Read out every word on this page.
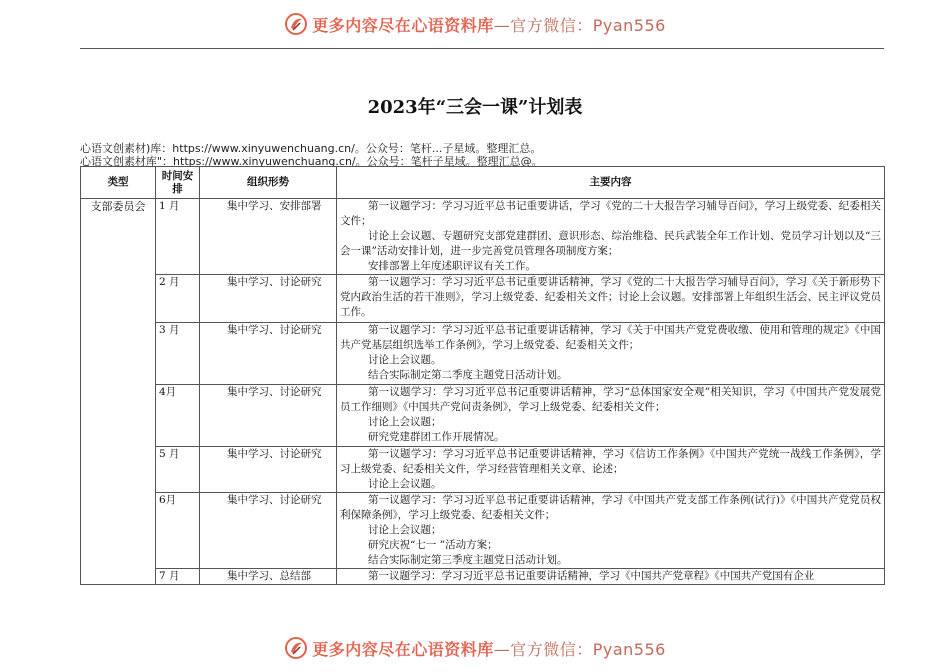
更多内容尽在心语资料库—官方微信：Pyan556
2023年“三会一课”计划表
心语文创素材)库：https://www.xinyuwenchuang.cn/。公众号：笔杆...子星域。整理汇总。
心语文创素材库"：https://www.xinyuwenchuang.cn/。公众号：笔杆子星域。整理汇总@。
类型	时间安排	组织形势	主要内容
支部委员会	1 月	集中学习、安排部署	第一议题学习：学习习近平总书记重要讲话，学习《党的二十大报告学习辅导百问》，学习上级党委、纪委相关文件；

讨论上会议题、专题研究支部党建群团、意识形态、综治维稳、民兵武装全年工作计划、党员学习计划以及“三会一课”活动安排计划，进一步完善党员管理各项制度方案；

安排部署上年度述职评议有关工作。

	2 月	集中学习、讨论研究	第一议题学习：学习习近平总书记重要讲话精神，学习《党的二十大报告学习辅导百问》，学习《关于新形势下党内政治生活的若干准则》，学习上级党委、纪委相关文件；讨论上会议题。安排部署上年组织生活会、民主评议党员工作。

	3 月	集中学习、讨论研究	第一议题学习：学习习近平总书记重要讲话精神，学习《关于中国共产党党费收缴、使用和管理的规定》《中国共产党基层组织选举工作条例》，学习上级党委、纪委相关文件；

讨论上会议题。

结合实际制定第二季度主题党日活动计划。

	4月	集中学习、讨论研究	第一议题学习：学习习近平总书记重要讲话精神，学习“总体国家安全观”相关知识，学习《中国共产党发展党员工作细则》《中国共产党问责条例》，学习上级党委、纪委相关文件；

讨论上会议题；

研究党建群团工作开展情况。

	5 月	集中学习、讨论研究	第一议题学习：学习习近平总书记重要讲话精神，学习《信访工作条例》《中国共产党统一战线工作条例》，学习上级党委、纪委相关文件，学习经营管理相关文章、论述；

讨论上会议题。

	6月	集中学习、讨论研究	第一议题学习：学习习近平总书记重要讲话精神，学习《中国共产党支部工作条例(试行)》《中国共产党党员权利保障条例》，学习上级党委、纪委相关文件；

讨论上会议题；

研究庆祝“七一 ”活动方案；

结合实际制定第三季度主题党日活动计划。

	7 月	集中学习、总结部	第一议题学习：学习习近平总书记重要讲话精神，学习《中国共产党章程》《中国共产党国有企业

更多内容尽在心语资料库—官方微信：Pyan556
